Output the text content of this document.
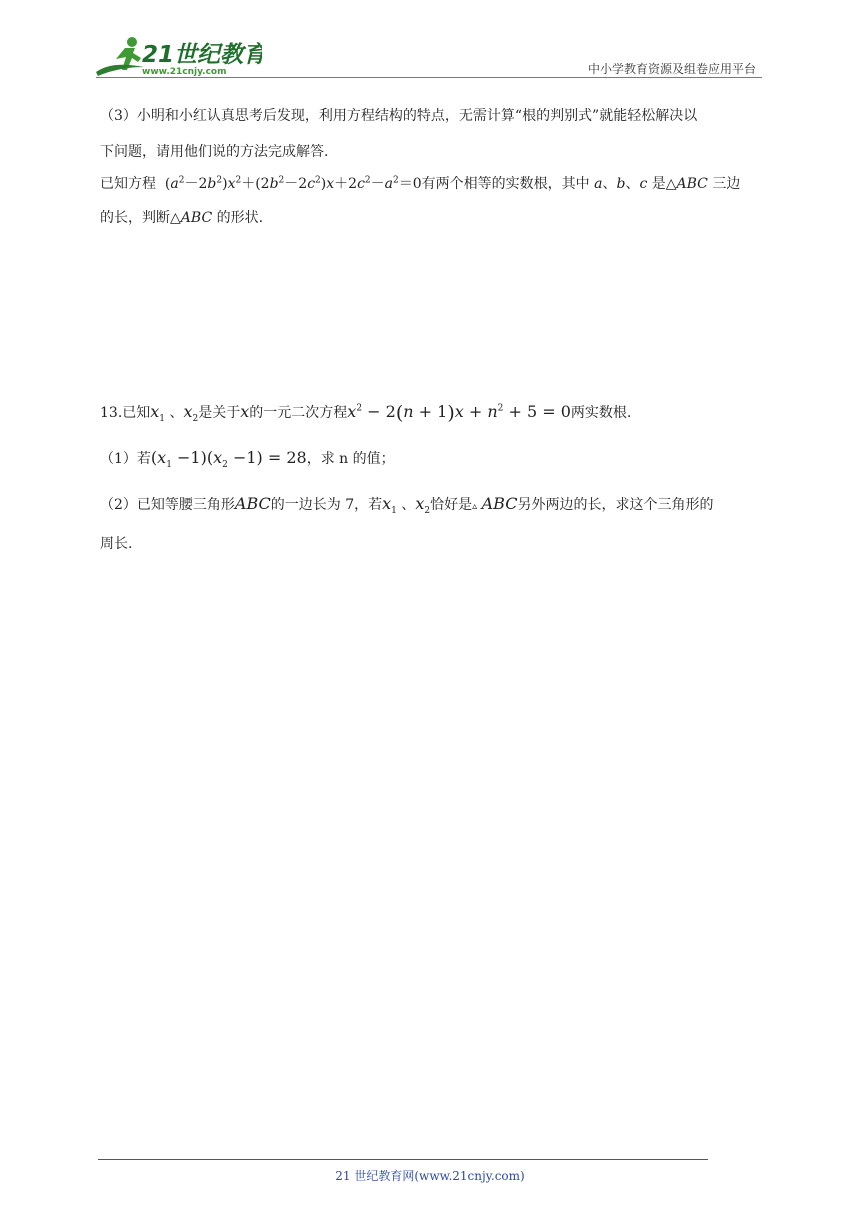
21世纪教育
www.21cnjy.com	中小学教育资源及组卷应用平台

（3）小明和小红认真思考后发现，利用方程结构的特点，无需计算“根的判别式”就能轻松解决以

下问题，请用他们说的方法完成解答.

已知方程 $(a^2-2b^2)x^2+(2b^2-2c^2)x+2c^2-a^2=0$有两个相等的实数根，其中 a、b、c 是△ABC 三边

的长，判断△ABC 的形状.

13.已知$x_1$ 、$x_2$是关于x的一元二次方程$x^2 - 2(n + 1)x + n^2 + 5 = 0$两实数根.

（1）若$(x_1 -1)(x_2 -1) = 28$，求 n 的值；

（2）已知等腰三角形ABC的一边长为 7，若$x_1$ 、$x_2$恰好是▵ ABC另外两边的长，求这个三角形的

周长.

21 世纪教育网(www.21cnjy.com)
